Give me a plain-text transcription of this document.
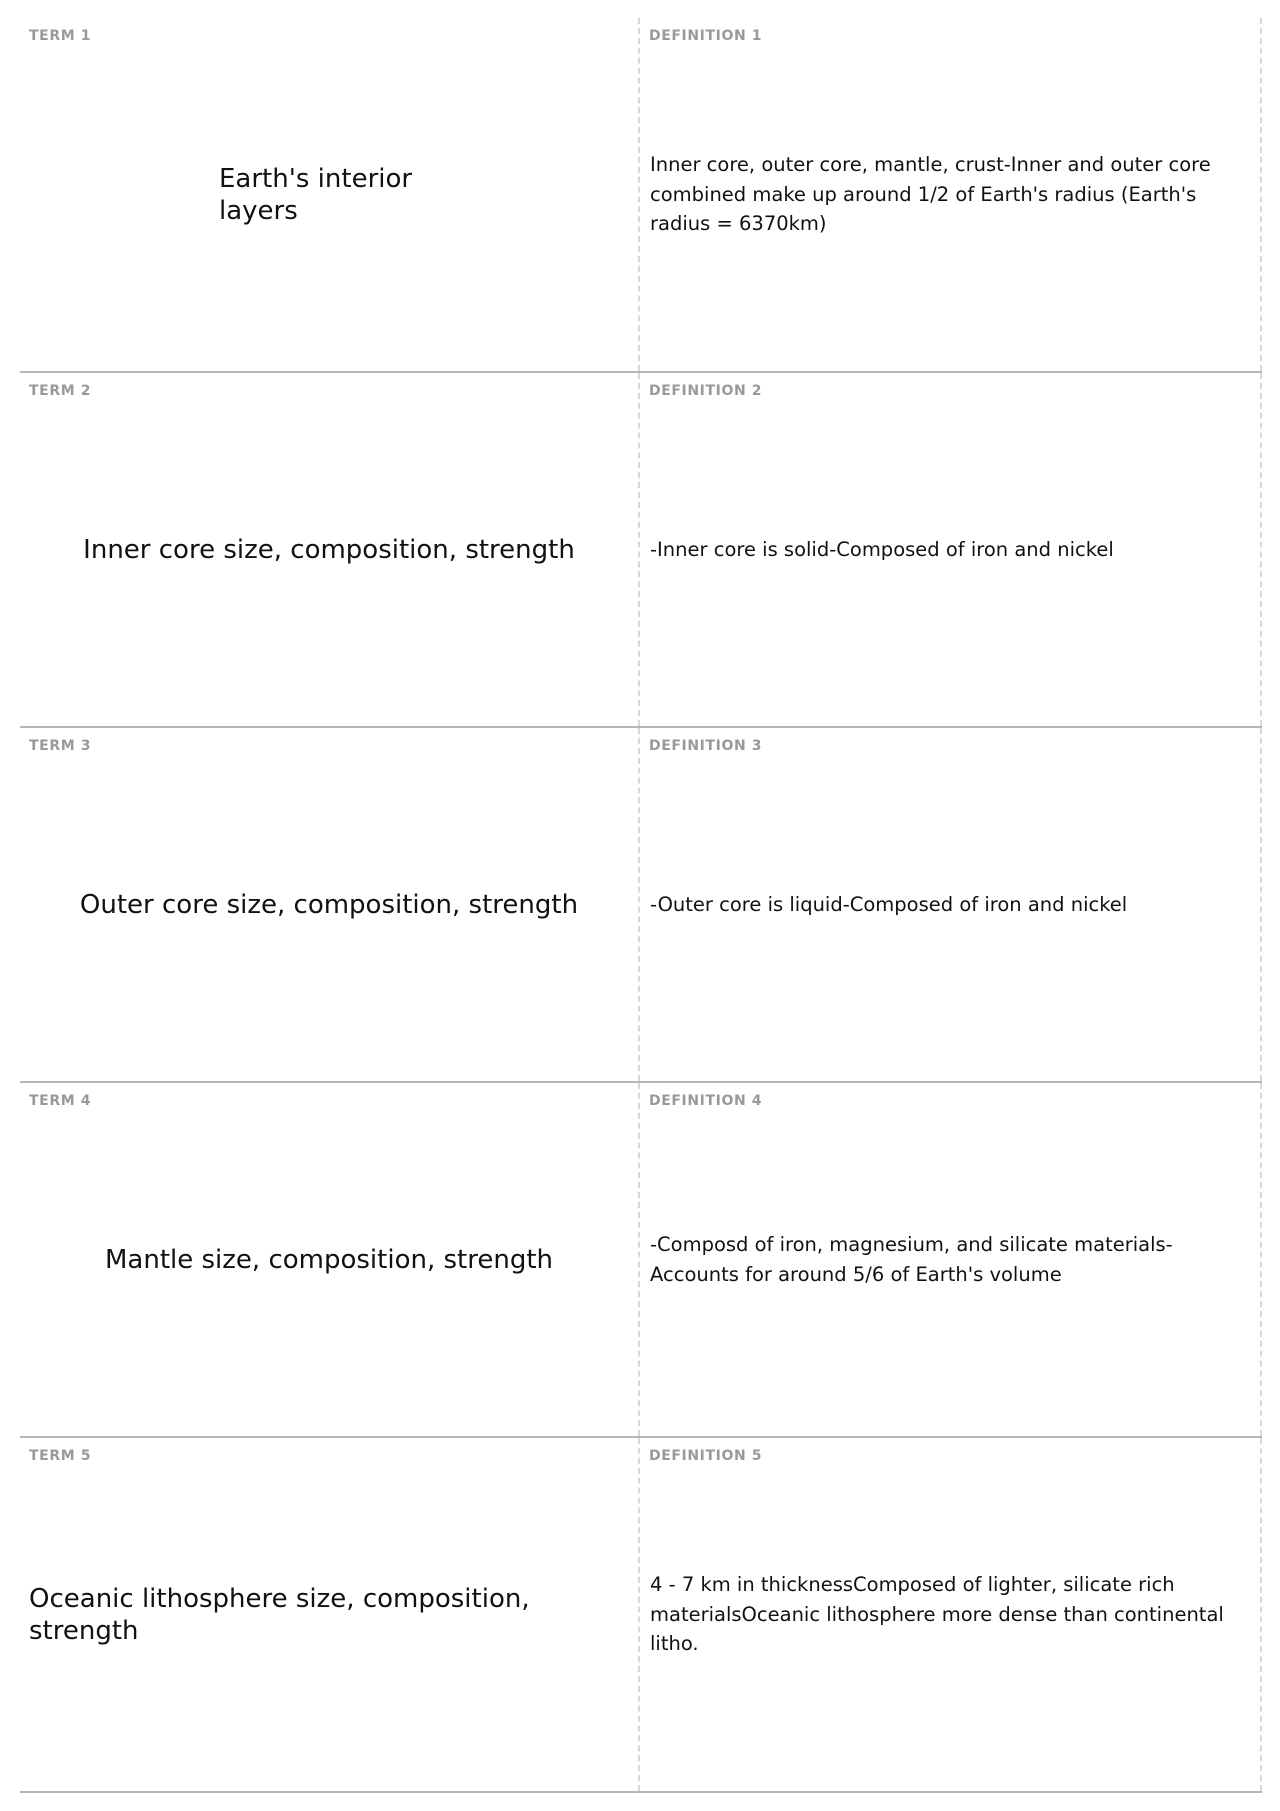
TERM 1
Earth's interior layers
DEFINITION 1
Inner core, outer core, mantle, crust-Inner and outer core combined make up around 1/2 of Earth's radius (Earth's radius = 6370km)
TERM 2
Inner core size, composition, strength
DEFINITION 2
-Inner core is solid-Composed of iron and nickel
TERM 3
Outer core size, composition, strength
DEFINITION 3
-Outer core is liquid-Composed of iron and nickel
TERM 4
Mantle size, composition, strength
DEFINITION 4
-Composd of iron, magnesium, and silicate materials-Accounts for around 5/6 of Earth's volume
TERM 5
Oceanic lithosphere size, composition, strength
DEFINITION 5
4 - 7 km in thicknessComposed of lighter, silicate rich materialsOceanic lithosphere more dense than continental litho.
